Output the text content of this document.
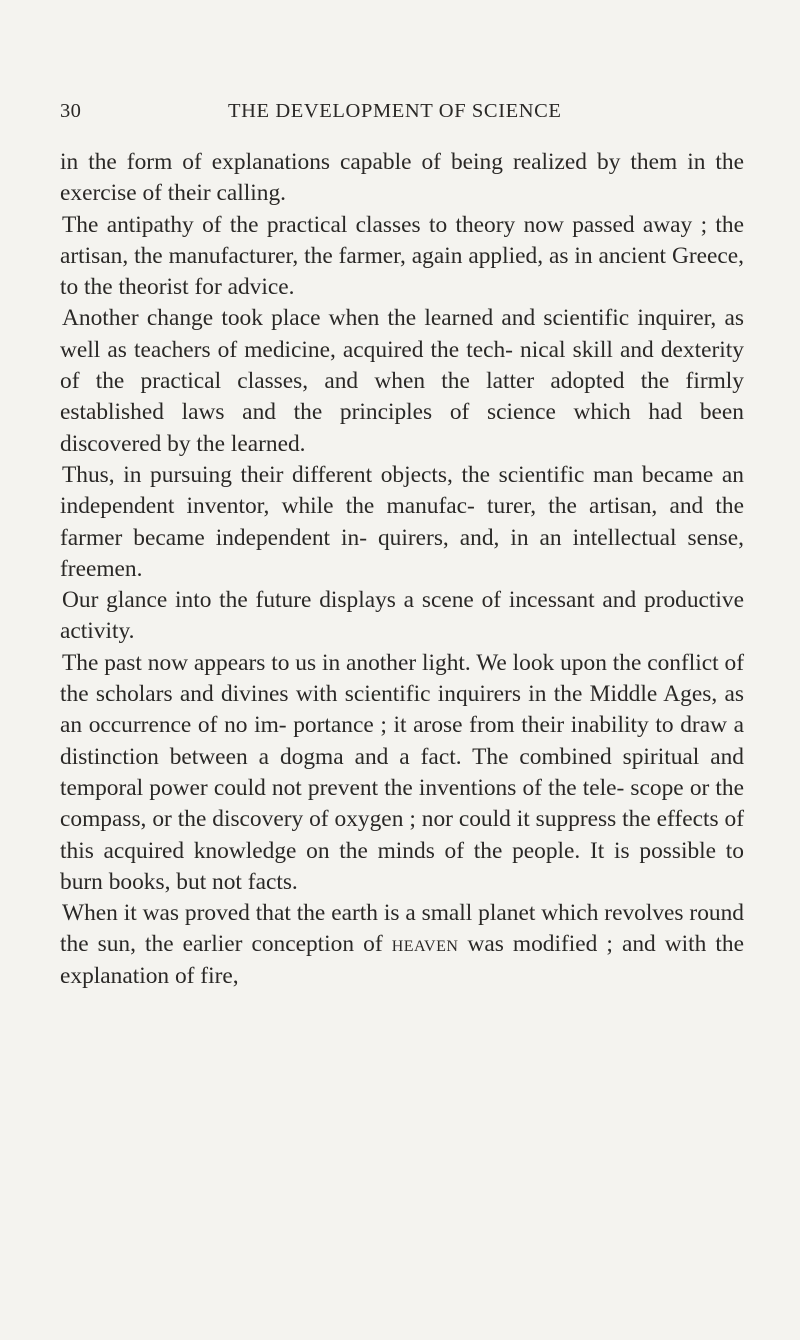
30	THE DEVELOPMENT OF SCIENCE

in the form of explanations capable of being realized by them in the exercise of their calling.

The antipathy of the practical classes to theory now passed away ; the artisan, the manufacturer, the farmer, again applied, as in ancient Greece, to the theorist for advice.

Another change took place when the learned and scientific inquirer, as well as teachers of medicine, acquired the tech- nical skill and dexterity of the practical classes, and when the latter adopted the firmly established laws and the principles of science which had been discovered by the learned.

Thus, in pursuing their different objects, the scientific man became an independent inventor, while the manufac- turer, the artisan, and the farmer became independent in- quirers, and, in an intellectual sense, freemen.

Our glance into the future displays a scene of incessant and productive activity.

The past now appears to us in another light. We look upon the conflict of the scholars and divines with scientific inquirers in the Middle Ages, as an occurrence of no im- portance ; it arose from their inability to draw a distinction between a dogma and a fact. The combined spiritual and temporal power could not prevent the inventions of the tele- scope or the compass, or the discovery of oxygen ; nor could it suppress the effects of this acquired knowledge on the minds of the people. It is possible to burn books, but not facts.

When it was proved that the earth is a small planet which revolves round the sun, the earlier conception of heaven was modified ; and with the explanation of fire,
